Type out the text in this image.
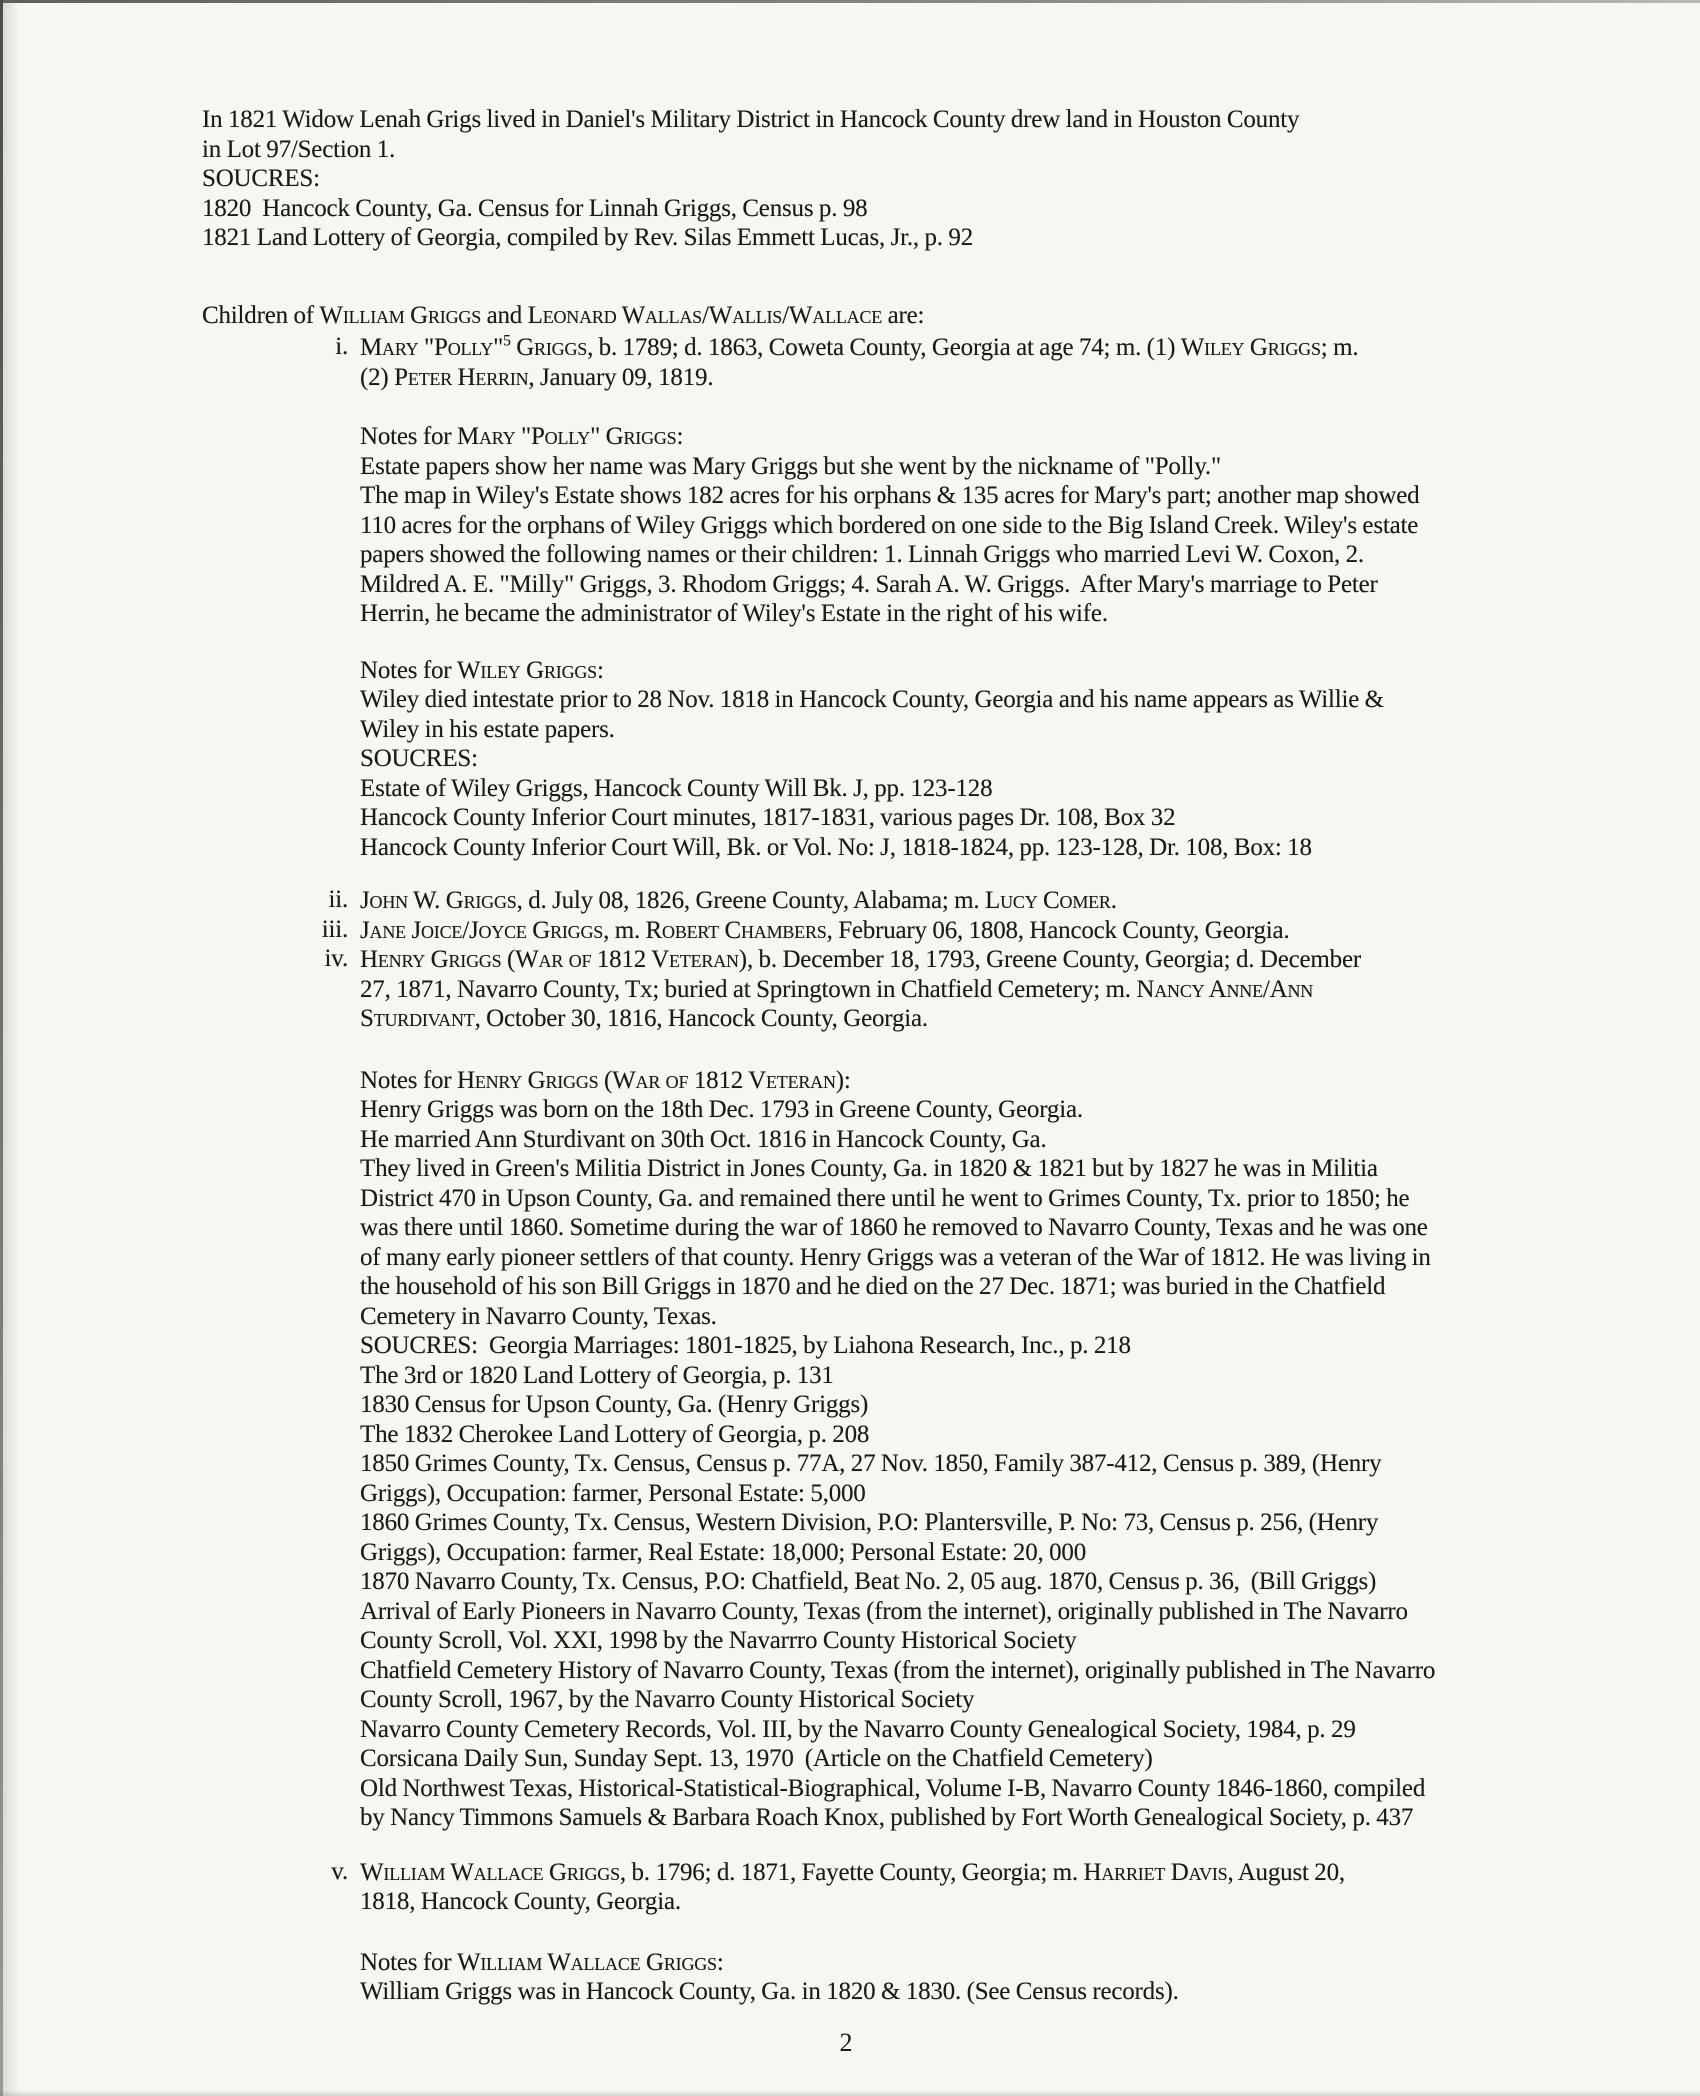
In 1821 Widow Lenah Grigs lived in Daniel's Military District in Hancock County drew land in Houston County
in Lot 97/Section 1.
SOUCRES:
1820  Hancock County, Ga. Census for Linnah Griggs, Census p. 98
1821 Land Lottery of Georgia, compiled by Rev. Silas Emmett Lucas, Jr., p. 92
Children of William Griggs and Leonard Wallas/Wallis/Wallace are:
i. Mary "Polly"$^5$ Griggs, b. 1789; d. 1863, Coweta County, Georgia at age 74; m. (1) Wiley Griggs; m.
(2) Peter Herrin, January 09, 1819.
Notes for Mary "Polly" Griggs:
Estate papers show her name was Mary Griggs but she went by the nickname of "Polly."
The map in Wiley's Estate shows 182 acres for his orphans & 135 acres for Mary's part; another map showed
110 acres for the orphans of Wiley Griggs which bordered on one side to the Big Island Creek. Wiley's estate
papers showed the following names or their children: 1. Linnah Griggs who married Levi W. Coxon, 2.
Mildred A. E. "Milly" Griggs, 3. Rhodom Griggs; 4. Sarah A. W. Griggs.  After Mary's marriage to Peter
Herrin, he became the administrator of Wiley's Estate in the right of his wife.
Notes for Wiley Griggs:
Wiley died intestate prior to 28 Nov. 1818 in Hancock County, Georgia and his name appears as Willie &
Wiley in his estate papers.
SOUCRES:
Estate of Wiley Griggs, Hancock County Will Bk. J, pp. 123-128
Hancock County Inferior Court minutes, 1817-1831, various pages Dr. 108, Box 32
Hancock County Inferior Court Will, Bk. or Vol. No: J, 1818-1824, pp. 123-128, Dr. 108, Box: 18
ii. John W. Griggs, d. July 08, 1826, Greene County, Alabama; m. Lucy Comer.
iii. Jane Joice/Joyce Griggs, m. Robert Chambers, February 06, 1808, Hancock County, Georgia.
iv. Henry Griggs (War of 1812 Veteran), b. December 18, 1793, Greene County, Georgia; d. December
27, 1871, Navarro County, Tx; buried at Springtown in Chatfield Cemetery; m. Nancy Anne/Ann
Sturdivant, October 30, 1816, Hancock County, Georgia.
Notes for Henry Griggs (War of 1812 Veteran):
Henry Griggs was born on the 18th Dec. 1793 in Greene County, Georgia.
He married Ann Sturdivant on 30th Oct. 1816 in Hancock County, Ga.
They lived in Green's Militia District in Jones County, Ga. in 1820 & 1821 but by 1827 he was in Militia
District 470 in Upson County, Ga. and remained there until he went to Grimes County, Tx. prior to 1850; he
was there until 1860. Sometime during the war of 1860 he removed to Navarro County, Texas and he was one
of many early pioneer settlers of that county. Henry Griggs was a veteran of the War of 1812. He was living in
the household of his son Bill Griggs in 1870 and he died on the 27 Dec. 1871; was buried in the Chatfield
Cemetery in Navarro County, Texas.
SOUCRES:  Georgia Marriages: 1801-1825, by Liahona Research, Inc., p. 218
The 3rd or 1820 Land Lottery of Georgia, p. 131
1830 Census for Upson County, Ga. (Henry Griggs)
The 1832 Cherokee Land Lottery of Georgia, p. 208
1850 Grimes County, Tx. Census, Census p. 77A, 27 Nov. 1850, Family 387-412, Census p. 389, (Henry
Griggs), Occupation: farmer, Personal Estate: 5,000
1860 Grimes County, Tx. Census, Western Division, P.O: Plantersville, P. No: 73, Census p. 256, (Henry
Griggs), Occupation: farmer, Real Estate: 18,000; Personal Estate: 20, 000
1870 Navarro County, Tx. Census, P.O: Chatfield, Beat No. 2, 05 aug. 1870, Census p. 36,  (Bill Griggs)
Arrival of Early Pioneers in Navarro County, Texas (from the internet), originally published in The Navarro
County Scroll, Vol. XXI, 1998 by the Navarrro County Historical Society
Chatfield Cemetery History of Navarro County, Texas (from the internet), originally published in The Navarro
County Scroll, 1967, by the Navarro County Historical Society
Navarro County Cemetery Records, Vol. III, by the Navarro County Genealogical Society, 1984, p. 29
Corsicana Daily Sun, Sunday Sept. 13, 1970  (Article on the Chatfield Cemetery)
Old Northwest Texas, Historical-Statistical-Biographical, Volume I-B, Navarro County 1846-1860, compiled
by Nancy Timmons Samuels & Barbara Roach Knox, published by Fort Worth Genealogical Society, p. 437
v. William Wallace Griggs, b. 1796; d. 1871, Fayette County, Georgia; m. Harriet Davis, August 20,
1818, Hancock County, Georgia.
Notes for William Wallace Griggs:
William Griggs was in Hancock County, Ga. in 1820 & 1830. (See Census records).
2
